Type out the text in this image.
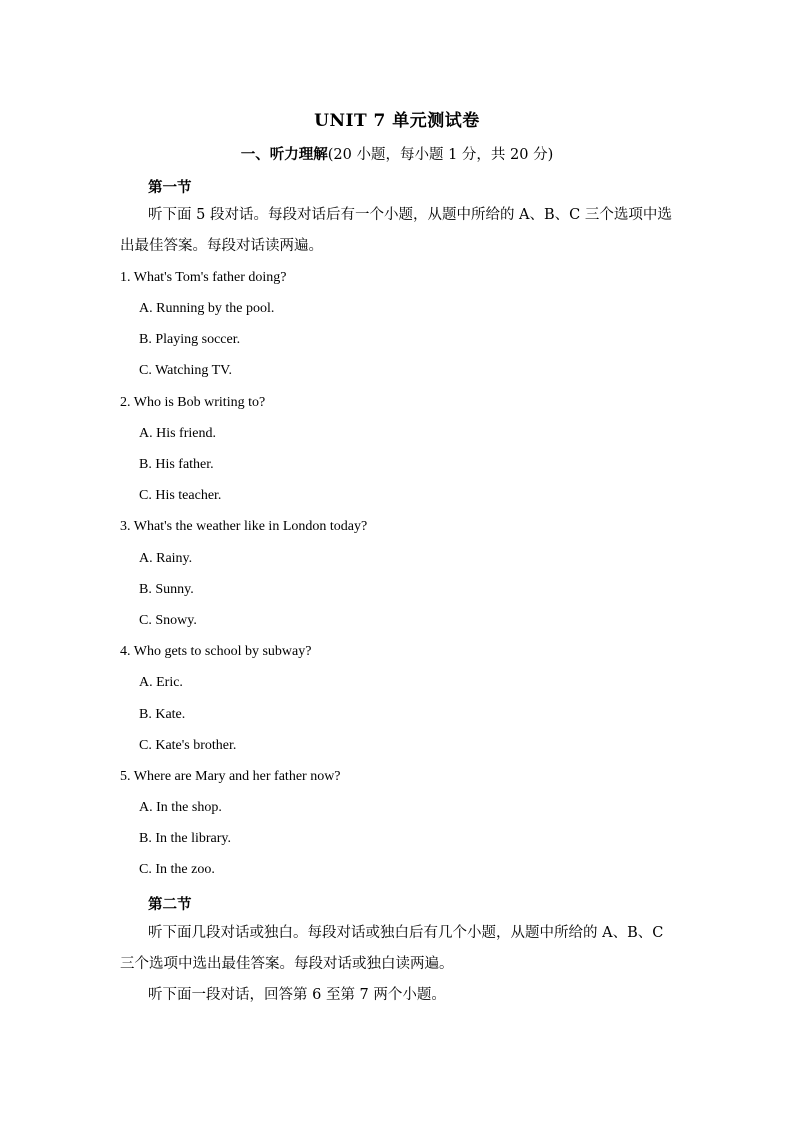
UNIT 7 单元测试卷
一、听力理解(20 小题，每小题 1 分，共 20 分)
第一节
听下面 5 段对话。每段对话后有一个小题，从题中所给的 A、B、C 三个选项中选出最佳答案。每段对话读两遍。
1. What's Tom's father doing?
A. Running by the pool.
B. Playing soccer.
C. Watching TV.
2. Who is Bob writing to?
A. His friend.
B. His father.
C. His teacher.
3. What's the weather like in London today?
A. Rainy.
B. Sunny.
C. Snowy.
4. Who gets to school by subway?
A. Eric.
B. Kate.
C. Kate's brother.
5. Where are Mary and her father now?
A. In the shop.
B. In the library.
C. In the zoo.
第二节
听下面几段对话或独白。每段对话或独白后有几个小题，从题中所给的 A、B、C 三个选项中选出最佳答案。每段对话或独白读两遍。
听下面一段对话，回答第 6 至第 7 两个小题。
